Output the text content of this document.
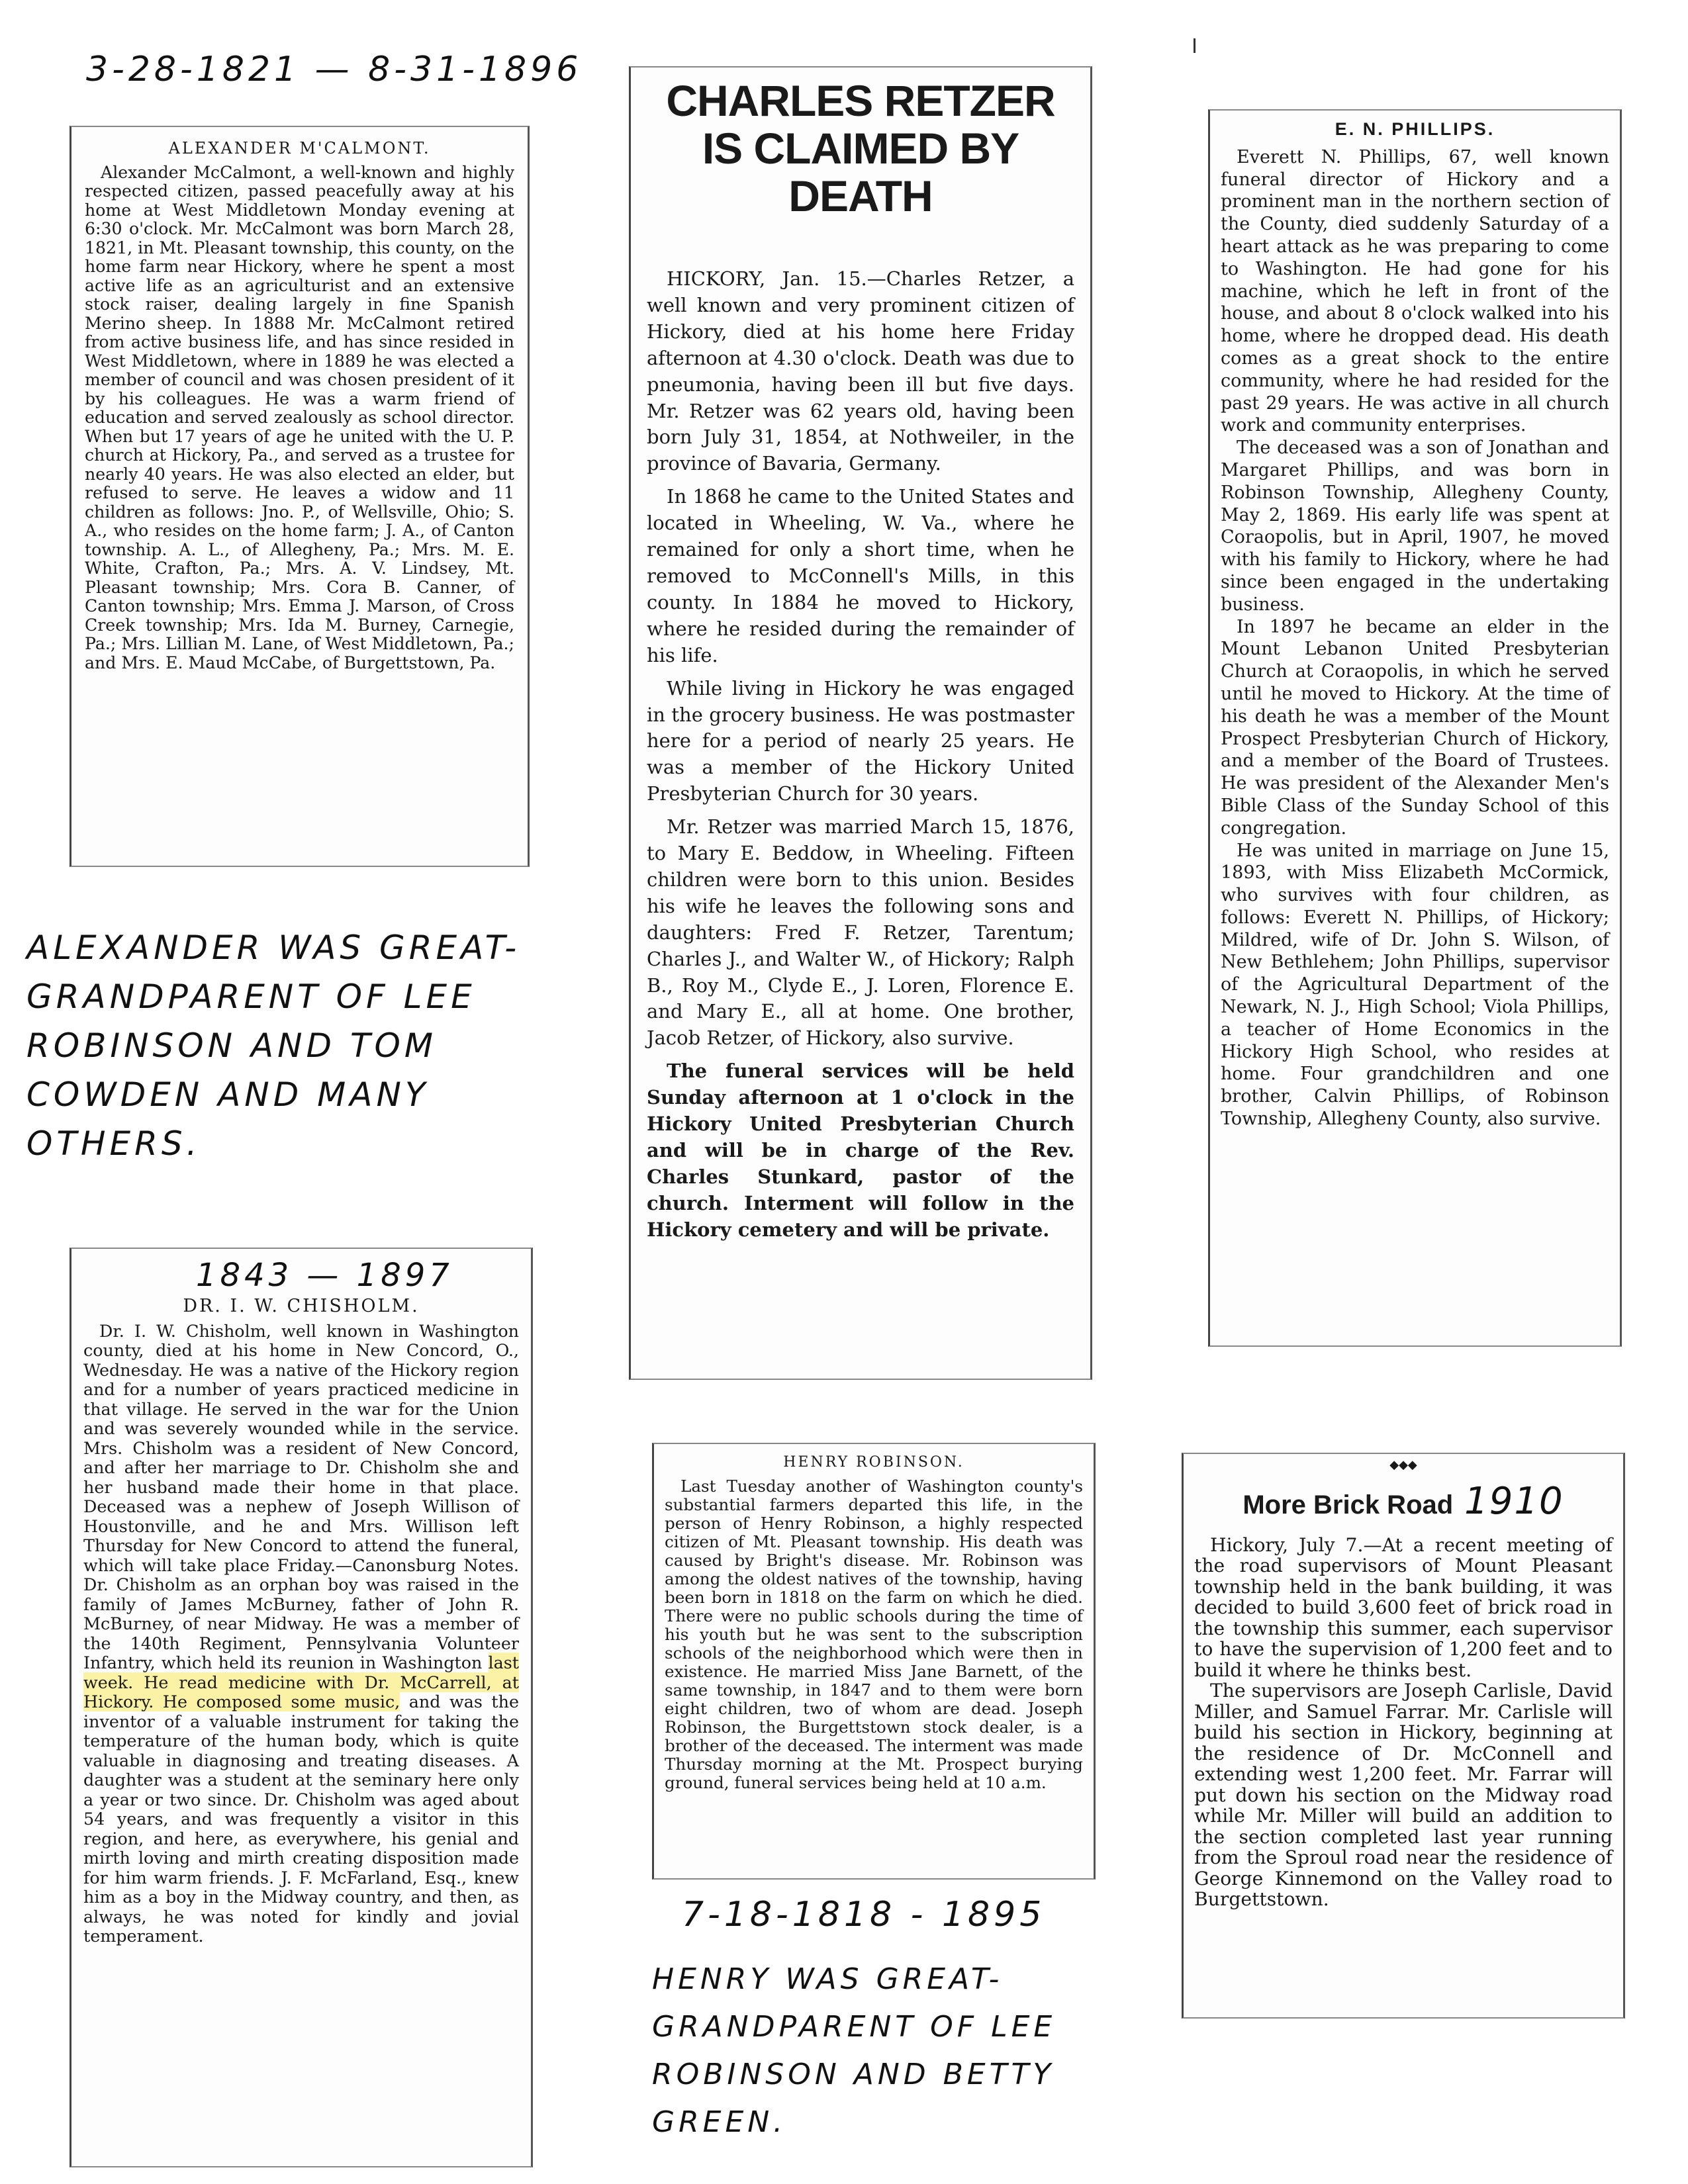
3-28-1821 — 8-31-1896
ALEXANDER WAS GREAT-GRANDPARENT OF LEE ROBINSON AND TOM COWDEN AND MANY OTHERS.
7-18-1818 - 1895
HENRY WAS GREAT-GRANDPARENT OF LEE ROBINSON AND BETTY GREEN.
ALEXANDER M'CALMONT.

Alexander McCalmont, a well-known and highly respected citizen, passed peacefully away at his home at West Middletown Monday evening at 6:30 o'clock. Mr. McCalmont was born March 28, 1821, in Mt. Pleasant township, this county, on the home farm near Hickory, where he spent a most active life as an agriculturist and an extensive stock raiser, dealing largely in fine Spanish Merino sheep. In 1888 Mr. McCalmont retired from active business life, and has since resided in West Middletown, where in 1889 he was elected a member of council and was chosen president of it by his colleagues. He was a warm friend of education and served zealously as school director. When but 17 years of age he united with the U. P. church at Hickory, Pa., and served as a trustee for nearly 40 years. He was also elected an elder, but refused to serve. He leaves a widow and 11 children as follows: Jno. P., of Wellsville, Ohio; S. A., who resides on the home farm; J. A., of Canton township. A. L., of Allegheny, Pa.; Mrs. M. E. White, Crafton, Pa.; Mrs. A. V. Lindsey, Mt. Pleasant township; Mrs. Cora B. Canner, of Canton township; Mrs. Emma J. Marson, of Cross Creek township; Mrs. Ida M. Burney, Carnegie, Pa.; Mrs. Lillian M. Lane, of West Middletown, Pa.; and Mrs. E. Maud McCabe, of Burgettstown, Pa.

CHARLES RETZER IS CLAIMED BY DEATH

HICKORY, Jan. 15.—Charles Retzer, a well known and very prominent citizen of Hickory, died at his home here Friday afternoon at 4.30 o'clock. Death was due to pneumonia, having been ill but five days. Mr. Retzer was 62 years old, having been born July 31, 1854, at Nothweiler, in the province of Bavaria, Germany.

In 1868 he came to the United States and located in Wheeling, W. Va., where he remained for only a short time, when he removed to McConnell's Mills, in this county. In 1884 he moved to Hickory, where he resided during the remainder of his life.

While living in Hickory he was engaged in the grocery business. He was postmaster here for a period of nearly 25 years. He was a member of the Hickory United Presbyterian Church for 30 years.

Mr. Retzer was married March 15, 1876, to Mary E. Beddow, in Wheeling. Fifteen children were born to this union. Besides his wife he leaves the following sons and daughters: Fred F. Retzer, Tarentum; Charles J., and Walter W., of Hickory; Ralph B., Roy M., Clyde E., J. Loren, Florence E. and Mary E., all at home. One brother, Jacob Retzer, of Hickory, also survive.

The funeral services will be held Sunday afternoon at 1 o'clock in the Hickory United Presbyterian Church and will be in charge of the Rev. Charles Stunkard, pastor of the church. Interment will follow in the Hickory cemetery and will be private.

E. N. PHILLIPS.

Everett N. Phillips, 67, well known funeral director of Hickory and a prominent man in the northern section of the County, died suddenly Saturday of a heart attack as he was preparing to come to Washington. He had gone for his machine, which he left in front of the house, and about 8 o'clock walked into his home, where he dropped dead. His death comes as a great shock to the entire community, where he had resided for the past 29 years. He was active in all church work and community enterprises.

The deceased was a son of Jonathan and Margaret Phillips, and was born in Robinson Township, Allegheny County, May 2, 1869. His early life was spent at Coraopolis, but in April, 1907, he moved with his family to Hickory, where he had since been engaged in the undertaking business.

In 1897 he became an elder in the Mount Lebanon United Presbyterian Church at Coraopolis, in which he served until he moved to Hickory. At the time of his death he was a member of the Mount Prospect Presbyterian Church of Hickory, and a member of the Board of Trustees. He was president of the Alexander Men's Bible Class of the Sunday School of this congregation.

He was united in marriage on June 15, 1893, with Miss Elizabeth McCormick, who survives with four children, as follows: Everett N. Phillips, of Hickory; Mildred, wife of Dr. John S. Wilson, of New Bethlehem; John Phillips, supervisor of the Agricultural Department of the Newark, N. J., High School; Viola Phillips, a teacher of Home Economics in the Hickory High School, who resides at home. Four grandchildren and one brother, Calvin Phillips, of Robinson Township, Allegheny County, also survive.

1843 — 1897
DR. I. W. CHISHOLM.

Dr. I. W. Chisholm, well known in Washington county, died at his home in New Concord, O., Wednesday. He was a native of the Hickory region and for a number of years practiced medicine in that village. He served in the war for the Union and was severely wounded while in the service. Mrs. Chisholm was a resident of New Concord, and after her marriage to Dr. Chisholm she and her husband made their home in that place. Deceased was a nephew of Joseph Willison of Houstonville, and he and Mrs. Willison left Thursday for New Concord to attend the funeral, which will take place Friday.—Canonsburg Notes. Dr. Chisholm as an orphan boy was raised in the family of James McBurney, father of John R. McBurney, of near Midway. He was a member of the 140th Regiment, Pennsylvania Volunteer Infantry, which held its reunion in Washington last week. He read medicine with Dr. McCarrell, at Hickory. He composed some music, and was the inventor of a valuable instrument for taking the temperature of the human body, which is quite valuable in diagnosing and treating diseases. A daughter was a student at the seminary here only a year or two since. Dr. Chisholm was aged about 54 years, and was frequently a visitor in this region, and here, as everywhere, his genial and mirth loving and mirth creating disposition made for him warm friends. J. F. McFarland, Esq., knew him as a boy in the Midway country, and then, as always, he was noted for kindly and jovial temperament.

HENRY ROBINSON.

Last Tuesday another of Washington county's substantial farmers departed this life, in the person of Henry Robinson, a highly respected citizen of Mt. Pleasant township. His death was caused by Bright's disease. Mr. Robinson was among the oldest natives of the township, having been born in 1818 on the farm on which he died. There were no public schools during the time of his youth but he was sent to the subscription schools of the neighborhood which were then in existence. He married Miss Jane Barnett, of the same township, in 1847 and to them were born eight children, two of whom are dead. Joseph Robinson, the Burgettstown stock dealer, is a brother of the deceased. The interment was made Thursday morning at the Mt. Prospect burying ground, funeral services being held at 10 a.m.

◆◆◆
More Brick Road 1910

Hickory, July 7.—At a recent meeting of the road supervisors of Mount Pleasant township held in the bank building, it was decided to build 3,600 feet of brick road in the township this summer, each supervisor to have the supervision of 1,200 feet and to build it where he thinks best.

The supervisors are Joseph Carlisle, David Miller, and Samuel Farrar. Mr. Carlisle will build his section in Hickory, beginning at the residence of Dr. McConnell and extending west 1,200 feet. Mr. Farrar will put down his section on the Midway road while Mr. Miller will build an addition to the section completed last year running from the Sproul road near the residence of George Kinnemond on the Valley road to Burgettstown.
